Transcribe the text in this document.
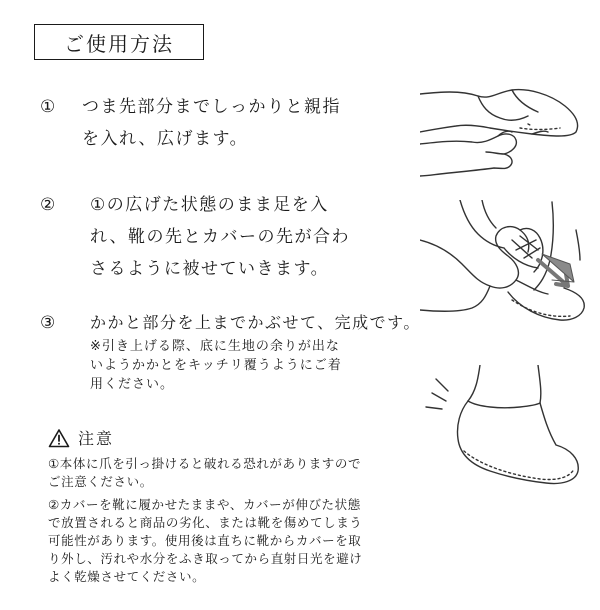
ご使用方法
① つま先部分までしっかりと親指
を入れ、広げます。
② ①の広げた状態のまま足を入
れ、靴の先とカバーの先が合わ
さるように被せていきます。
③ かかと部分を上までかぶせて、完成です。
※引き上げる際、底に生地の余りが出な
いようかかとをキッチリ覆うようにご着
用ください。
注意
①本体に爪を引っ掛けると破れる恐れがありますので
ご注意ください。
②カバーを靴に履かせたままや、カバーが伸びた状態
で放置されると商品の劣化、または靴を傷めてしまう
可能性があります。使用後は直ちに靴からカバーを取
り外し、汚れや水分をふき取ってから直射日光を避け
よく乾燥させてください。
